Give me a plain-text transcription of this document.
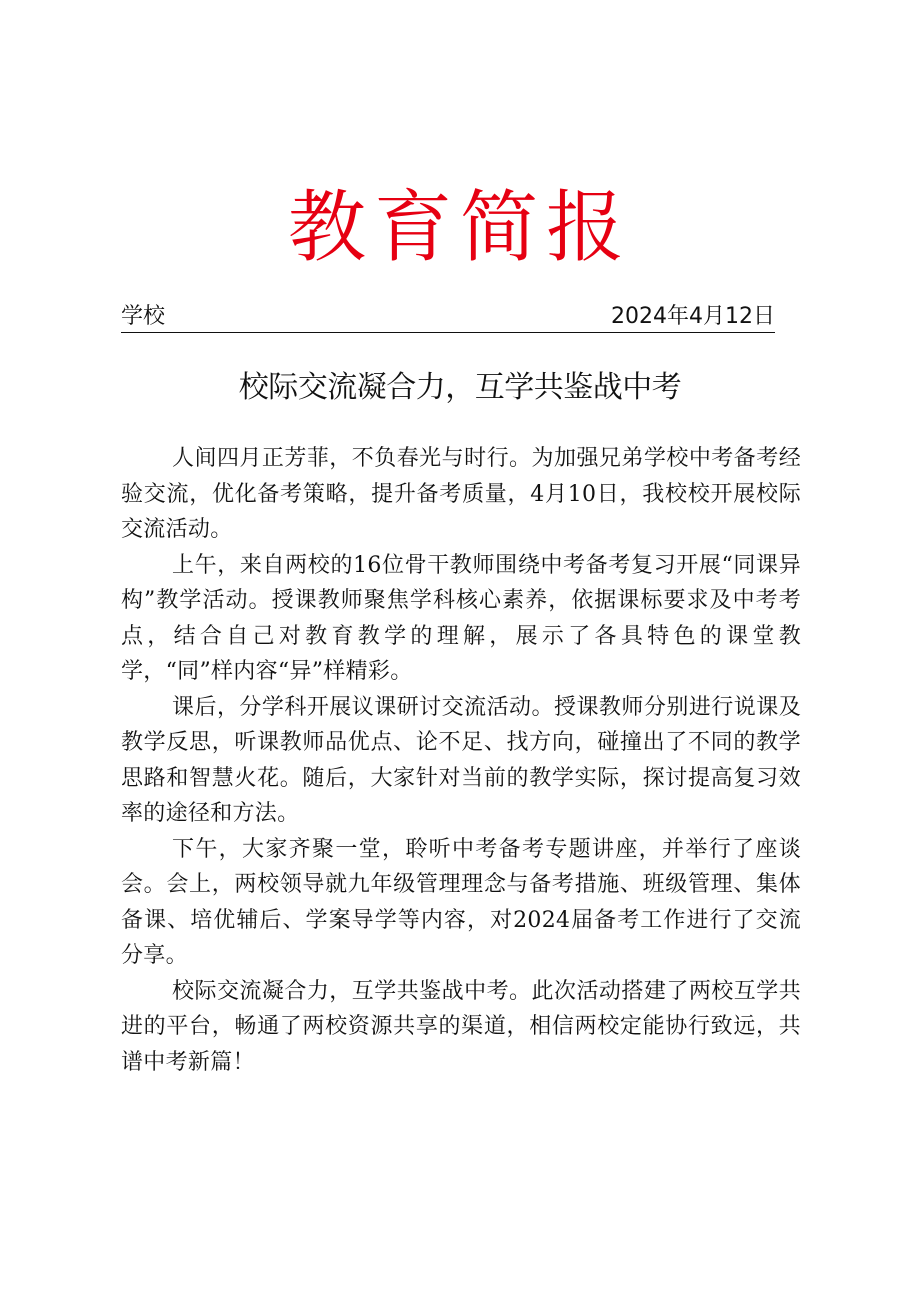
教育简报
学校	2024年4月12日
校际交流凝合力，互学共鉴战中考

人间四月正芳菲，不负春光与时行。为加强兄弟学校中考备考经验交流，优化备考策略，提升备考质量，4月10日，我校校开展校际交流活动。

上午，来自两校的16位骨干教师围绕中考备考复习开展“同课异构”教学活动。授课教师聚焦学科核心素养，依据课标要求及中考考点，结合自己对教育教学的理解，展示了各具特色的课堂教学，“同”样内容“异”样精彩。

课后，分学科开展议课研讨交流活动。授课教师分别进行说课及教学反思，听课教师品优点、论不足、找方向，碰撞出了不同的教学思路和智慧火花。随后，大家针对当前的教学实际，探讨提高复习效率的途径和方法。

下午，大家齐聚一堂，聆听中考备考专题讲座，并举行了座谈会。会上，两校领导就九年级管理理念与备考措施、班级管理、集体备课、培优辅后、学案导学等内容，对2024届备考工作进行了交流分享。

校际交流凝合力，互学共鉴战中考。此次活动搭建了两校互学共进的平台，畅通了两校资源共享的渠道，相信两校定能协行致远，共谱中考新篇！
